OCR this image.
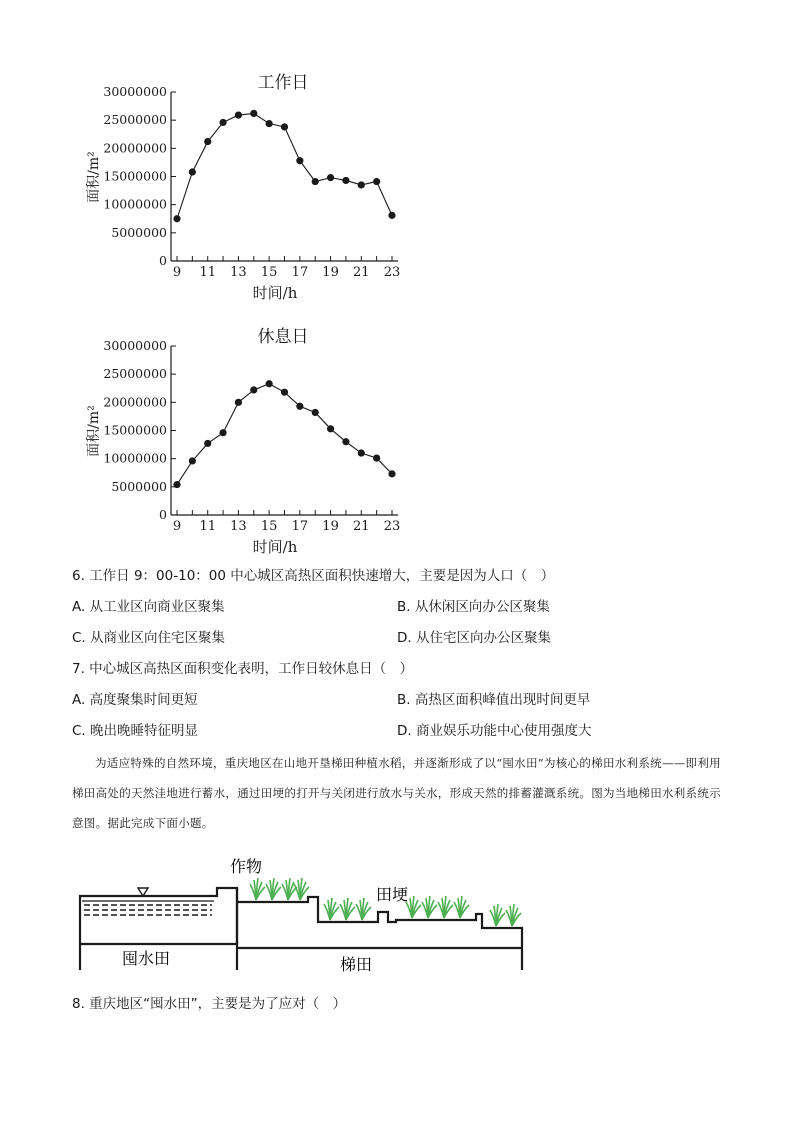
0
5000000
10000000
15000000
20000000
25000000
30000000
9 11 13 15 17 19 21 23
工作日
时间/h
面积/m²
0
5000000
10000000
15000000
20000000
25000000
30000000
9 11 13 15 17 19 21 23
休息日
时间/h
面积/m²
6. 工作日 9：00-10：00 中心城区高热区面积快速增大，主要是因为人口（　）
A. 从工业区向商业区聚集	B. 从休闲区向办公区聚集
C. 从商业区向住宅区聚集	D. 从住宅区向办公区聚集
7. 中心城区高热区面积变化表明，工作日较休息日（　）
A. 高度聚集时间更短	B. 高热区面积峰值出现时间更早
C. 晚出晚睡特征明显	D. 商业娱乐功能中心使用强度大
为适应特殊的自然环境，重庆地区在山地开垦梯田种植水稻，并逐渐形成了以“囤水田”为核心的梯田水利系统——即利用梯田高处的天然洼地进行蓄水，通过田埂的打开与关闭进行放水与关水，形成天然的排蓄灌溉系统。图为当地梯田水利系统示意图。据此完成下面小题。
作物
田埂
囤水田	梯田
8. 重庆地区“囤水田”，主要是为了应对（　）
